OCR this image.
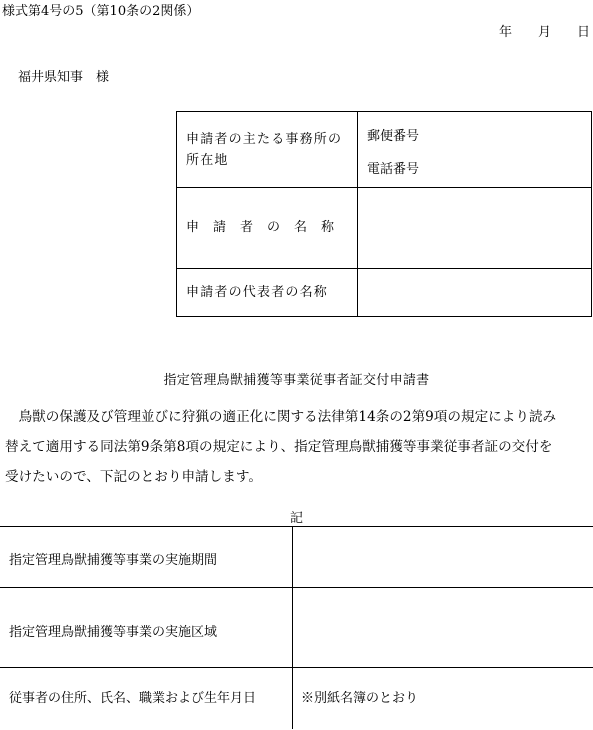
様式第4号の5（第10条の2関係）
年 月 日
福井県知事　様
申請者の主たる事務所の
所在地
郵便番号
電話番号
申請者の名称
申請者の代表者の名称
指定管理鳥獣捕獲等事業従事者証交付申請書
　鳥獣の保護及び管理並びに狩猟の適正化に関する法律第14条の2第9項の規定により読み
替えて適用する同法第9条第8項の規定により、指定管理鳥獣捕獲等事業従事者証の交付を
受けたいので、下記のとおり申請します。
記
指定管理鳥獣捕獲等事業の実施期間
指定管理鳥獣捕獲等事業の実施区域
従事者の住所、氏名、職業および生年月日	※別紙名簿のとおり
